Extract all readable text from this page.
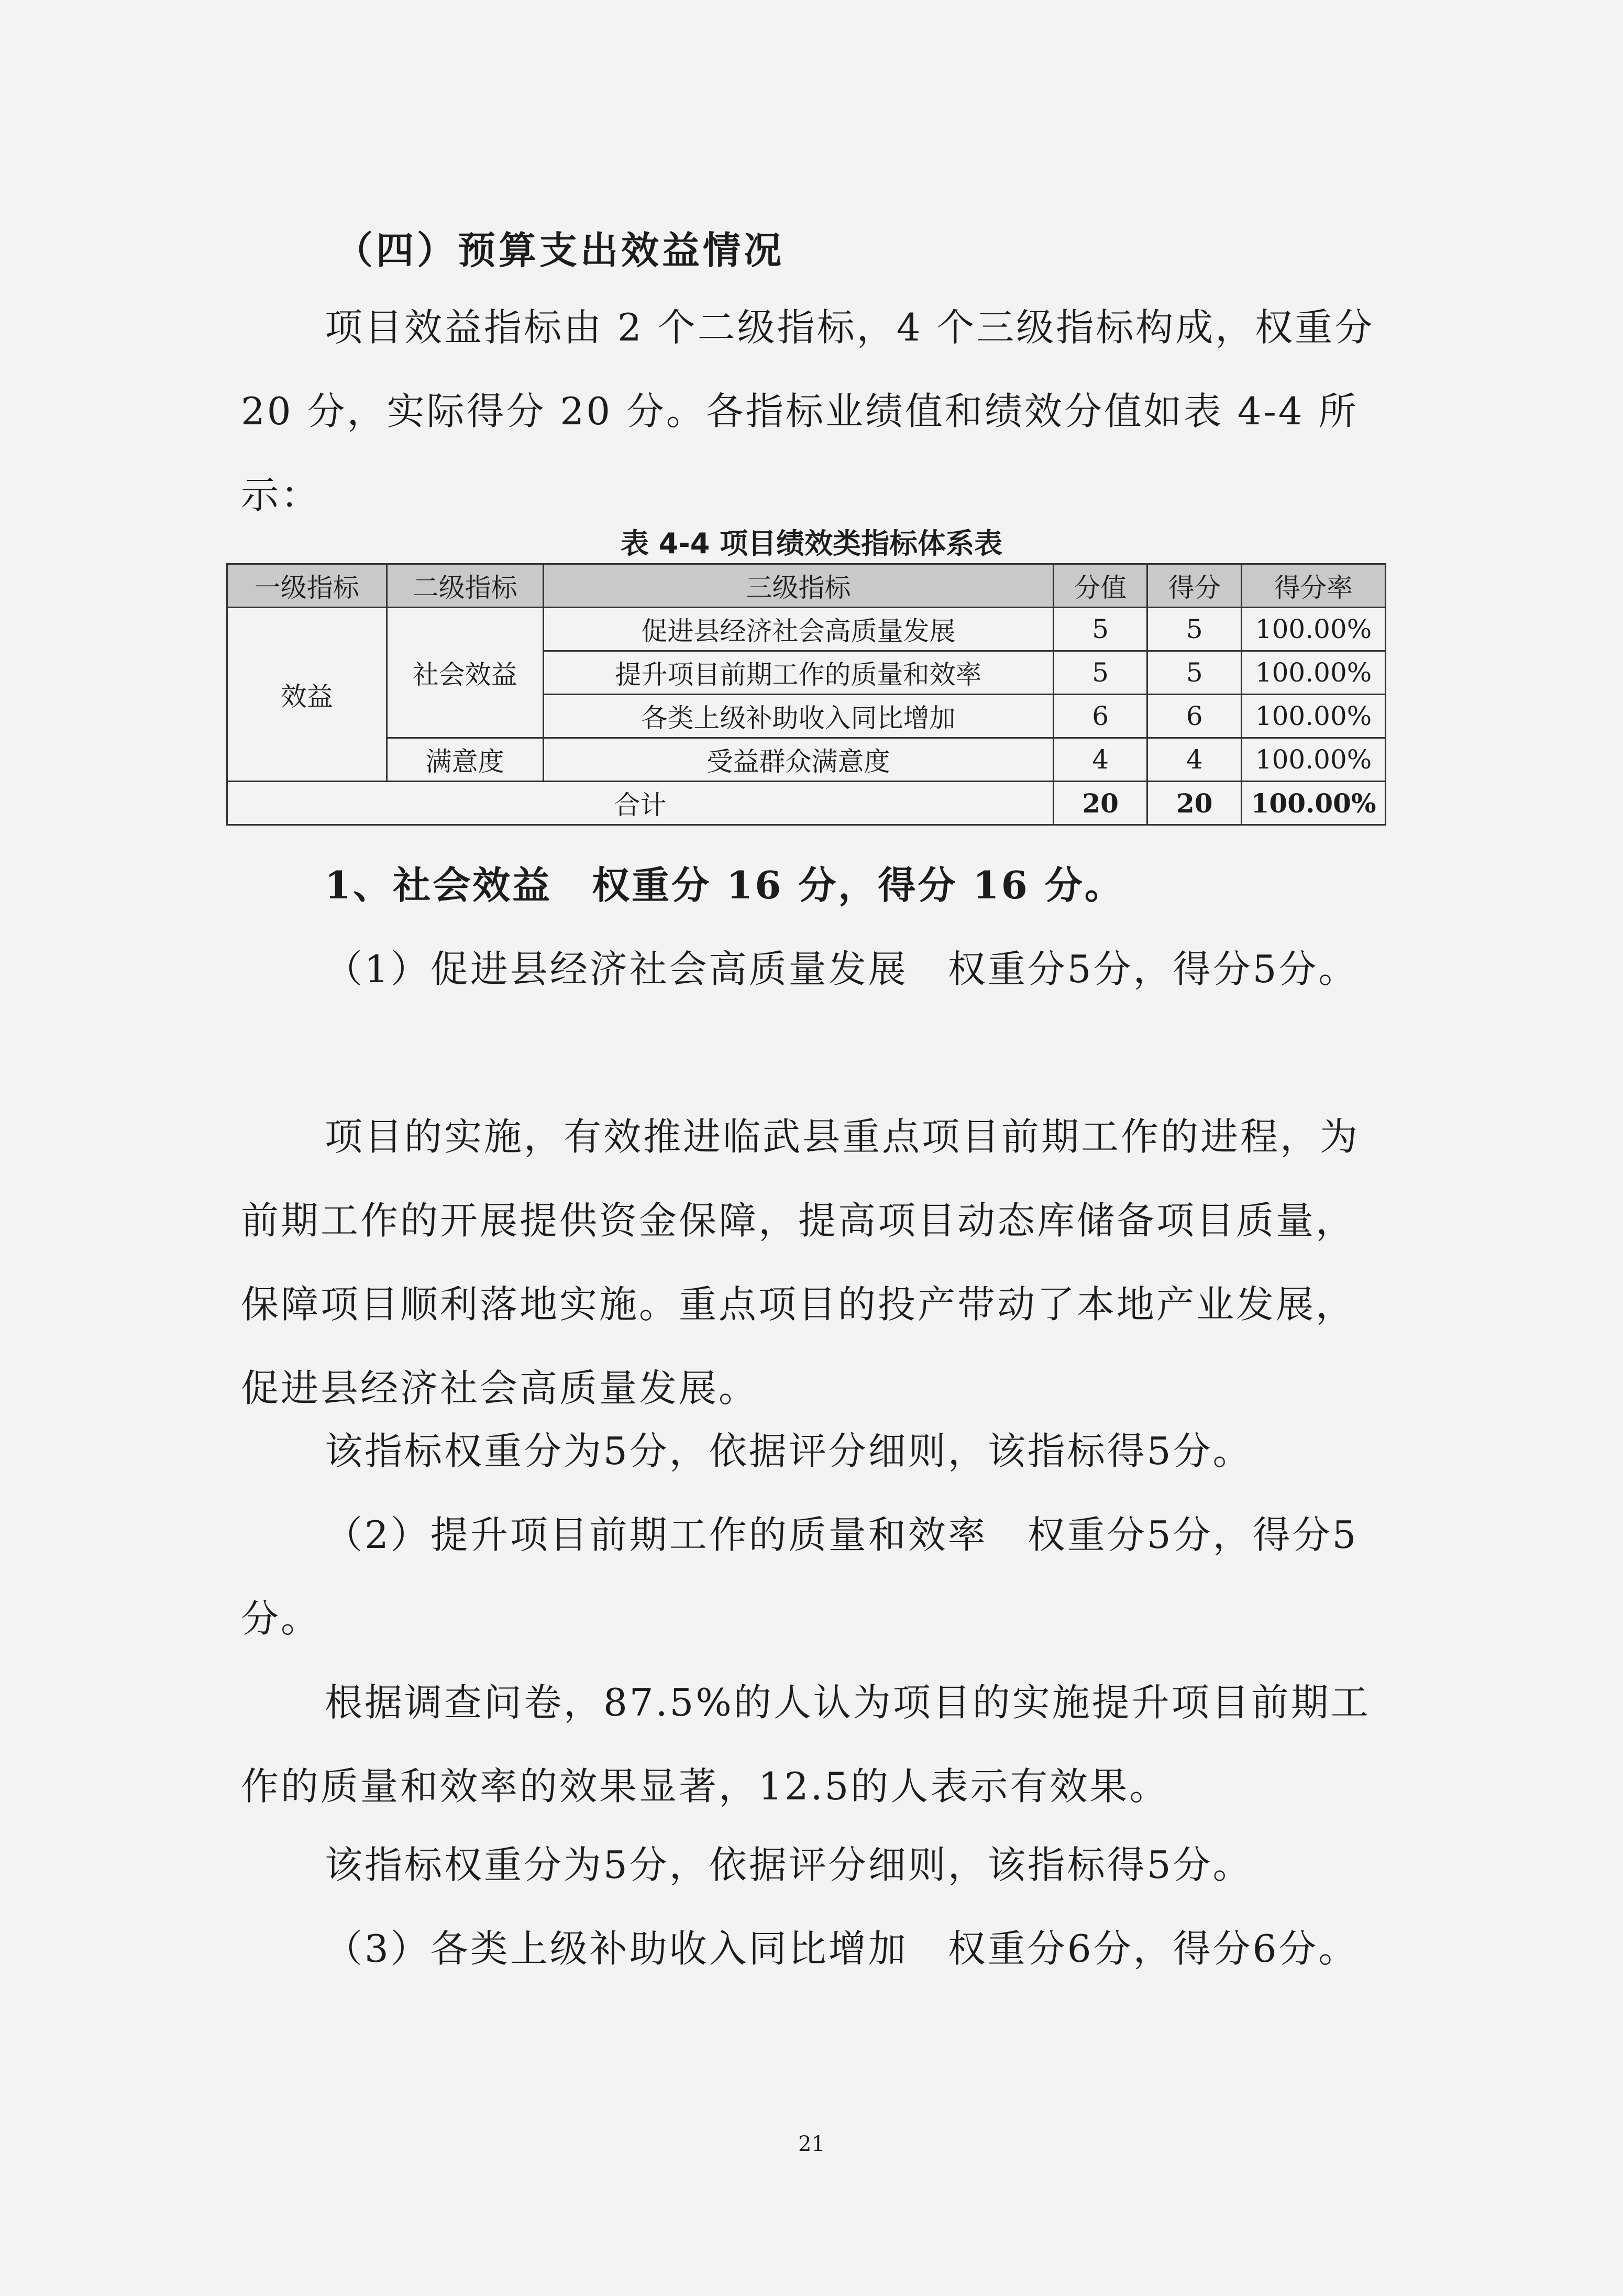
（四）预算支出效益情况
项目效益指标由 2 个二级指标，4 个三级指标构成，权重分 20 分，实际得分 20 分。各指标业绩值和绩效分值如表 4-4 所示：
表 4-4 项目绩效类指标体系表
一级指标	二级指标	三级指标	分值	得分	得分率
效益	社会效益	促进县经济社会高质量发展	5	5	100.00%
		提升项目前期工作的质量和效率	5	5	100.00%
		各类上级补助收入同比增加	6	6	100.00%
	满意度	受益群众满意度	4	4	100.00%
合计			20	20	100.00%
1、社会效益　权重分 16 分，得分 16 分。
（1）促进县经济社会高质量发展　权重分5分，得分5分。
项目的实施，有效推进临武县重点项目前期工作的进程，为前期工作的开展提供资金保障，提高项目动态库储备项目质量，保障项目顺利落地实施。重点项目的投产带动了本地产业发展，促进县经济社会高质量发展。
该指标权重分为5分，依据评分细则，该指标得5分。
（2）提升项目前期工作的质量和效率　权重分5分，得分5分。
根据调查问卷，87.5%的人认为项目的实施提升项目前期工作的质量和效率的效果显著，12.5的人表示有效果。
该指标权重分为5分，依据评分细则，该指标得5分。
（3）各类上级补助收入同比增加　权重分6分，得分6分。
21
